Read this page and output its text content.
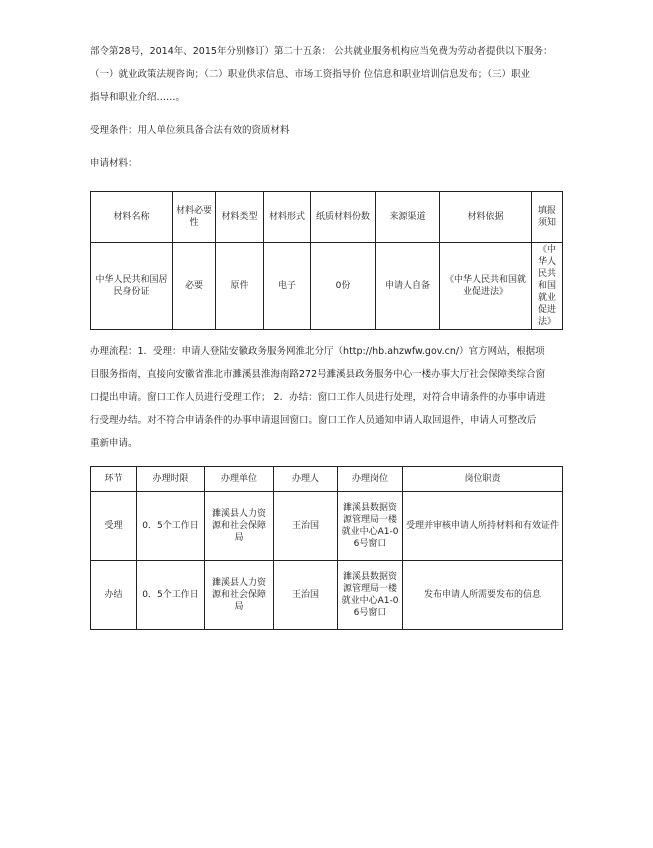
部令第28号，2014年、2015年分别修订）第二十五条： 公共就业服务机构应当免费为劳动者提供以下服务：

（一）就业政策法规咨询；（二）职业供求信息、市场工资指导价 位信息和职业培训信息发布；（三）职业

指导和职业介绍……。

受理条件：用人单位须具备合法有效的资质材料

申请材料：

材料名称	材料必要性	材料类型	材料形式	纸质材料份数	来源渠道	材料依据	填报须知
中华人民共和国居民身份证	必要	原件	电子	0份	申请人自备	《中华人民共和国就业促进法》	《中华人民共和国就业促进法》

办理流程：1．受理：申请人登陆安徽政务服务网淮北分厅（http://hb.ahzwfw.gov.cn/）官方网站，根据项

目服务指南，直接向安徽省淮北市濉溪县淮海南路272号濉溪县政务服务中心一楼办事大厅社会保障类综合窗

口提出申请。窗口工作人员进行受理工作； 2．办结：窗口工作人员进行处理，对符合申请条件的办事申请进

行受理办结。对不符合申请条件的办事申请退回窗口。窗口工作人员通知申请人取回退件，申请人可整改后

重新申请。

环节	办理时限	办理单位	办理人	办理岗位	岗位职责
受理	0．5个工作日	濉溪县人力资源和社会保障局	王治国	濉溪县数据资源管理局一楼就业中心A1-06号窗口	受理并审核申请人所持材料和有效证件
办结	0．5个工作日	濉溪县人力资源和社会保障局	王治国	濉溪县数据资源管理局一楼就业中心A1-06号窗口	发布申请人所需要发布的信息
